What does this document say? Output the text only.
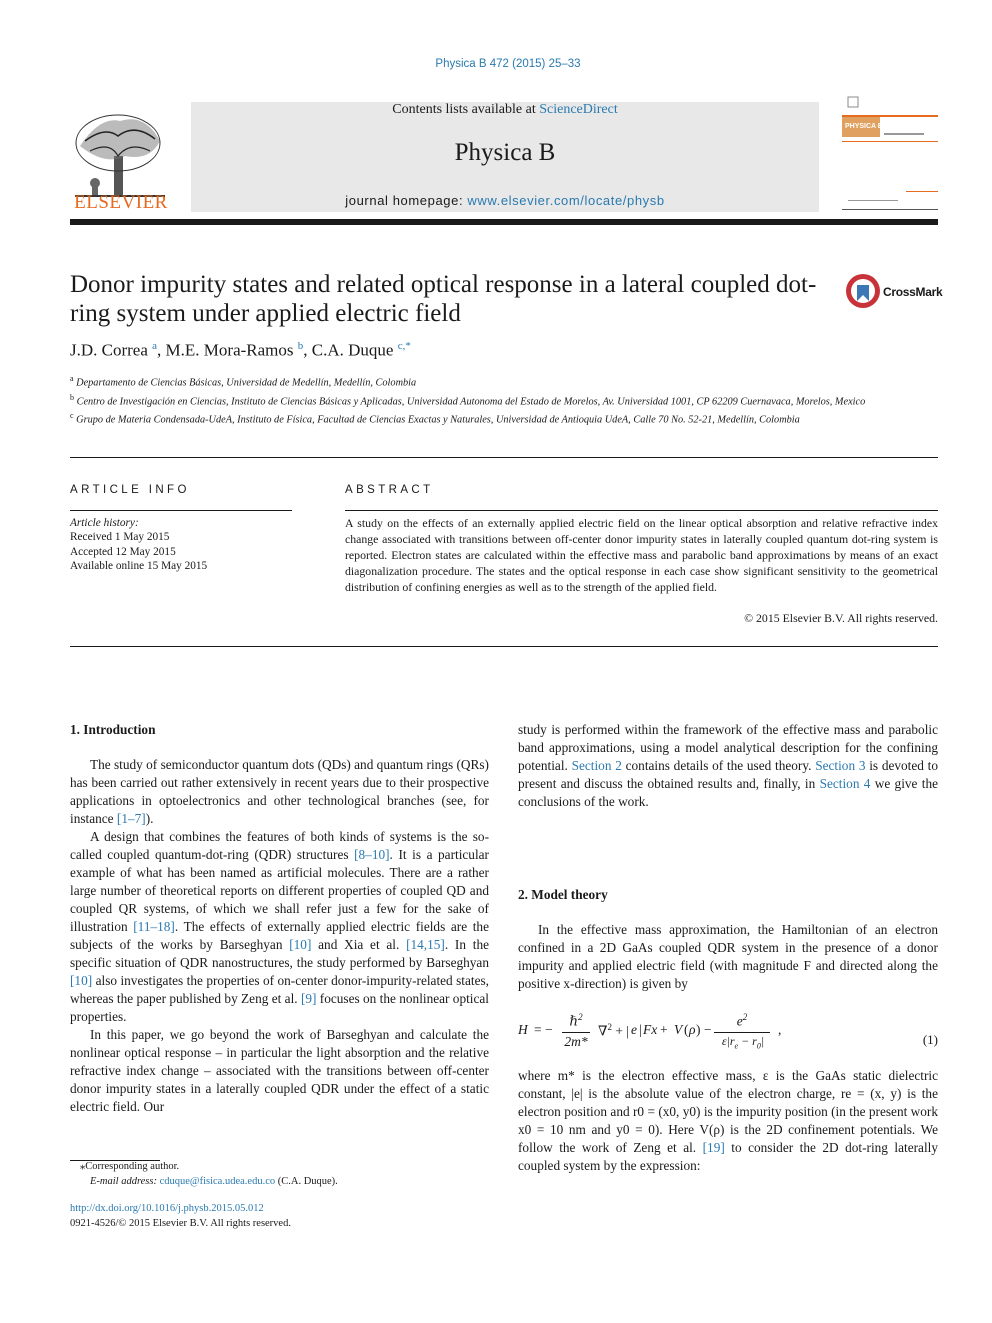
Physica B 472 (2015) 25–33
ELSEVIER
Contents lists available at ScienceDirect
Physica B
journal homepage: www.elsevier.com/locate/physb
PHYSICA B
Donor impurity states and related optical response in a lateral coupled dot-ring system under applied electric field
CrossMark
J.D. Correa $^a$, M.E. Mora-Ramos $^b$, C.A. Duque $^{c,*}$
$^a$ Departamento de Ciencias Básicas, Universidad de Medellín, Medellín, Colombia
$^b$ Centro de Investigación en Ciencias, Instituto de Ciencias Básicas y Aplicadas, Universidad Autonoma del Estado de Morelos, Av. Universidad 1001, CP 62209 Cuernavaca, Morelos, Mexico
$^c$ Grupo de Materia Condensada-UdeA, Instituto de Física, Facultad de Ciencias Exactas y Naturales, Universidad de Antioquia UdeA, Calle 70 No. 52-21, Medellín, Colombia
ARTICLE INFO
Article history:
Received 1 May 2015
Accepted 12 May 2015
Available online 15 May 2015
ABSTRACT
A study on the effects of an externally applied electric field on the linear optical absorption and relative refractive index change associated with transitions between off-center donor impurity states in laterally coupled quantum dot-ring system is reported. Electron states are calculated within the effective mass and parabolic band approximations by means of an exact diagonalization procedure. The states and the optical response in each case show significant sensitivity to the geometrical distribution of confining energies as well as to the strength of the applied field.
© 2015 Elsevier B.V. All rights reserved.
1. Introduction

The study of semiconductor quantum dots (QDs) and quantum rings (QRs) has been carried out rather extensively in recent years due to their prospective applications in optoelectronics and other technological branches (see, for instance [1–7]).

A design that combines the features of both kinds of systems is the so-called coupled quantum-dot-ring (QDR) structures [8–10]. It is a particular example of what has been named as artificial molecules. There are a rather large number of theoretical reports on different properties of coupled QD and coupled QR systems, of which we shall refer just a few for the sake of illustration [11–18]. The effects of externally applied electric fields are the subjects of the works by Barseghyan [10] and Xia et al. [14,15]. In the specific situation of QDR nanostructures, the study performed by Barseghyan [10] also investigates the properties of on-center donor-impurity-related states, whereas the paper published by Zeng et al. [9] focuses on the nonlinear optical properties.

In this paper, we go beyond the work of Barseghyan and calculate the nonlinear optical response – in particular the light absorption and the relative refractive index change – associated with the transitions between off-center donor impurity states in a laterally coupled QDR under the effect of a static electric field. Our

study is performed within the framework of the effective mass and parabolic band approximations, using a model analytical description for the confining potential. Section 2 contains details of the used theory. Section 3 is devoted to present and discuss the obtained results and, finally, in Section 4 we give the conclusions of the work.

2. Model theory

In the effective mass approximation, the Hamiltonian of an electron confined in a 2D GaAs coupled QDR system in the presence of a donor impurity and applied electric field (with magnitude F and directed along the positive x-direction) is given by

H = −
ℏ$^2$
2m*
∇$^2$ + | e | Fx + V ( ρ ) −
$e^2$
$\varepsilon|r_e - r_0|$
,
(1)

where m* is the electron effective mass, ε is the GaAs static dielectric constant, |e| is the absolute value of the electron charge, re = (x, y) is the electron position and r0 = (x0, y0) is the impurity position (in the present work x0 = 10 nm and y0 = 0). Here V(ρ) is the 2D confinement potentials. We follow the work of Zeng et al. [19] to consider the 2D dot-ring laterally coupled system by the expression:

⁎Corresponding author.
E-mail address: cduque@fisica.udea.edu.co (C.A. Duque).
http://dx.doi.org/10.1016/j.physb.2015.05.012
0921-4526/© 2015 Elsevier B.V. All rights reserved.
